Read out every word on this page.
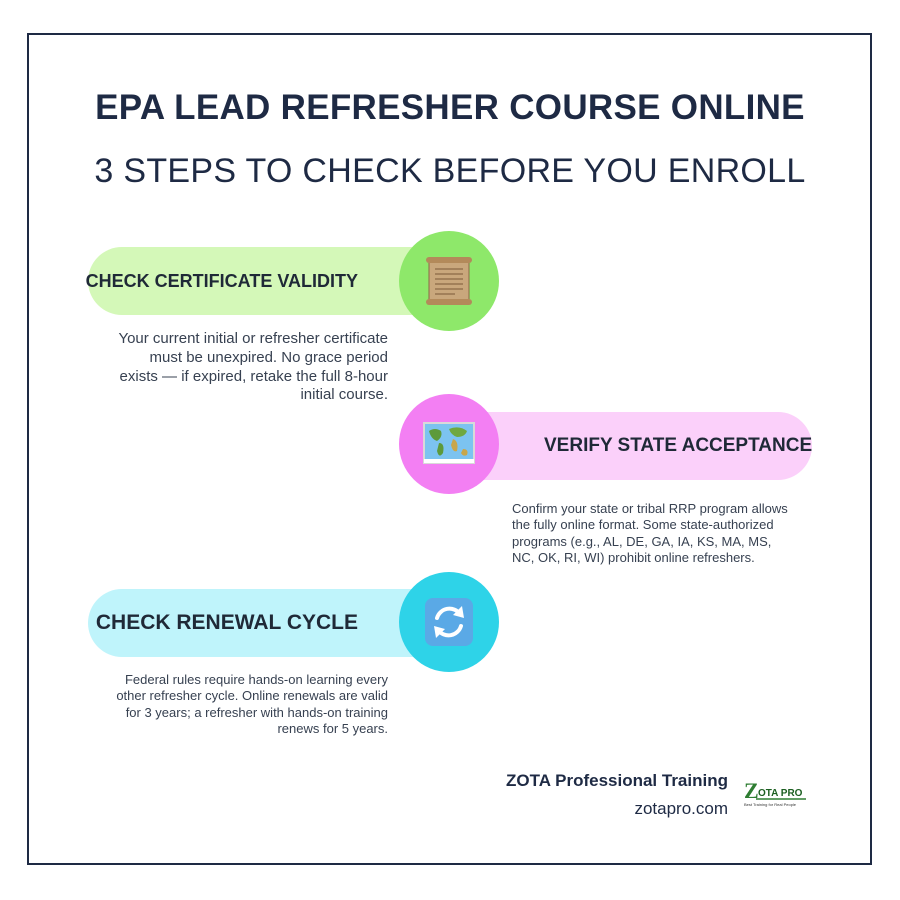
EPA LEAD REFRESHER COURSE ONLINE
3 STEPS TO CHECK BEFORE YOU ENROLL
CHECK CERTIFICATE VALIDITY
Your current initial or refresher certificate must be unexpired. No grace period exists — if expired, retake the full 8-hour initial course.
VERIFY STATE ACCEPTANCE
Confirm your state or tribal RRP program allows the fully online format. Some state-authorized programs (e.g., AL, DE, GA, IA, KS, MA, MS, NC, OK, RI, WI) prohibit online refreshers.
CHECK RENEWAL CYCLE
Federal rules require hands-on learning every other refresher cycle. Online renewals are valid for 3 years; a refresher with hands-on training renews for 5 years.
ZOTA Professional Training
zotapro.com
Z OTA PRO
Best Training for Real People
